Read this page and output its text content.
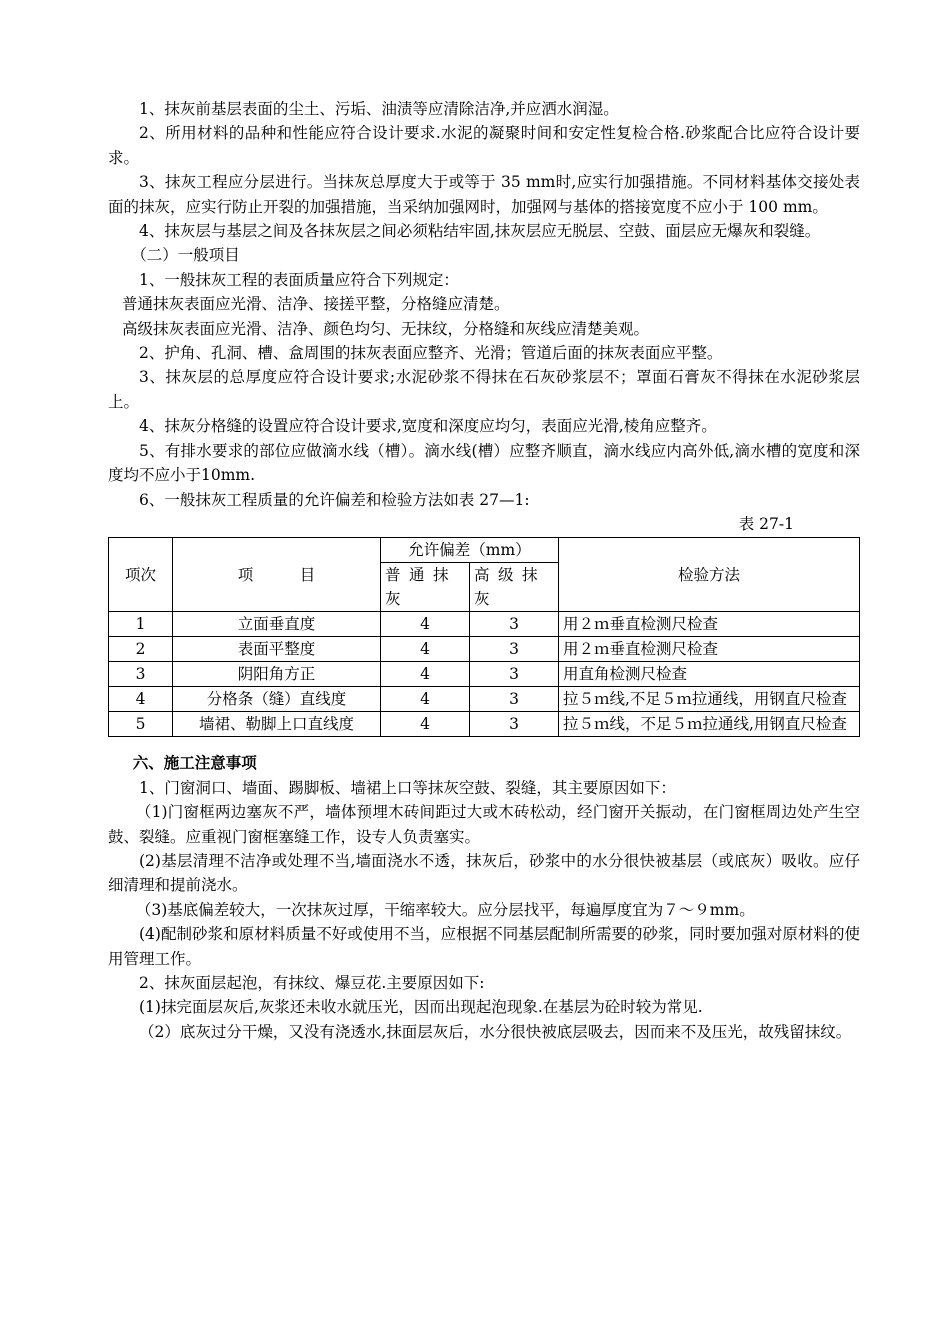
1、抹灰前基层表面的尘土、污垢、油渍等应清除洁净,并应洒水润湿。

2、所用材料的品种和性能应符合设计要求.水泥的凝聚时间和安定性复检合格.砂浆配合比应符合设计要求。

3、抹灰工程应分层进行。当抹灰总厚度大于或等于 35 mm时,应实行加强措施。不同材料基体交接处表面的抹灰，应实行防止开裂的加强措施，当采纳加强网时，加强网与基体的搭接宽度不应小于 100 mm。

4、抹灰层与基层之间及各抹灰层之间必须粘结牢固,抹灰层应无脱层、空鼓、面层应无爆灰和裂缝。

（二）一般项目

1、一般抹灰工程的表面质量应符合下列规定：

普通抹灰表面应光滑、洁净、接搓平整，分格缝应清楚。

高级抹灰表面应光滑、洁净、颜色均匀、无抹纹，分格缝和灰线应清楚美观。

2、护角、孔洞、槽、盒周围的抹灰表面应整齐、光滑；管道后面的抹灰表面应平整。

3、抹灰层的总厚度应符合设计要求;水泥砂浆不得抹在石灰砂浆层不；罩面石膏灰不得抹在水泥砂浆层上。

4、抹灰分格缝的设置应符合设计要求,宽度和深度应均匀，表面应光滑,棱角应整齐。

5、有排水要求的部位应做滴水线（槽）。滴水线(槽）应整齐顺直，滴水线应内高外低,滴水槽的宽度和深度均不应小于10mm.

6、一般抹灰工程质量的允许偏差和检验方法如表 27—1:

表 27-1

项次	项　　　目	允许偏差（mm）		检验方法
		普通抹灰	高级抹灰	
1	立面垂直度	4	3	用２ｍ垂直检测尺检查
2	表面平整度	4	3	用２ｍ垂直检测尺检查
3	阴阳角方正	4	3	用直角检测尺检查
4	分格条（缝）直线度	4	3	拉５ｍ线,不足５ｍ拉通线，用钢直尺检查
5	墙裙、勒脚上口直线度	4	3	拉５ｍ线，不足５ｍ拉通线,用钢直尺检查

六、施工注意事项

1、门窗洞口、墙面、踢脚板、墙裙上口等抹灰空鼓、裂缝，其主要原因如下：

（1)门窗框两边塞灰不严，墙体预埋木砖间距过大或木砖松动，经门窗开关振动，在门窗框周边处产生空鼓、裂缝。应重视门窗框塞缝工作，设专人负责塞实。

(2)基层清理不洁净或处理不当,墙面浇水不透，抹灰后，砂浆中的水分很快被基层（或底灰）吸收。应仔细清理和提前浇水。

（3)基底偏差较大，一次抹灰过厚，干缩率较大。应分层找平，每遍厚度宜为７～９mm。

(4)配制砂浆和原材料质量不好或使用不当，应根据不同基层配制所需要的砂浆，同时要加强对原材料的使用管理工作。

2、抹灰面层起泡，有抹纹、爆豆花.主要原因如下:

(1)抹完面层灰后,灰浆还未收水就压光，因而出现起泡现象.在基层为砼时较为常见.

（2）底灰过分干燥，又没有浇透水,抹面层灰后，水分很快被底层吸去，因而来不及压光，故残留抹纹。
